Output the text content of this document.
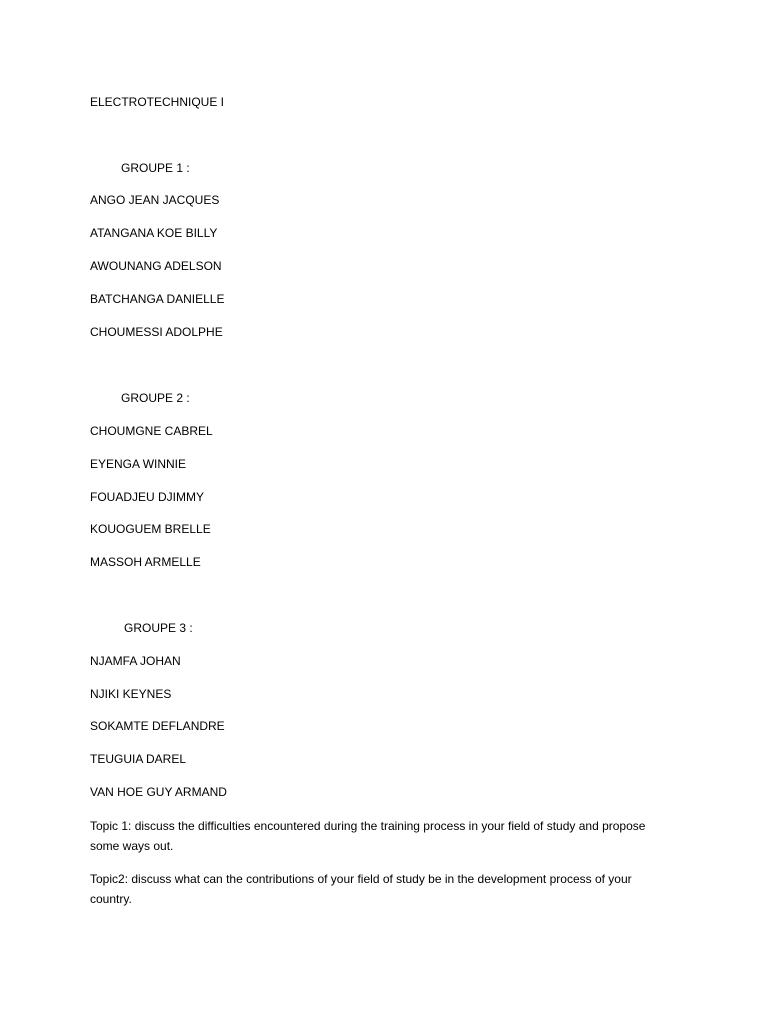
ELECTROTECHNIQUE I
GROUPE 1 :
ANGO JEAN JACQUES
ATANGANA KOE BILLY
AWOUNANG ADELSON
BATCHANGA DANIELLE
CHOUMESSI ADOLPHE
GROUPE 2 :
CHOUMGNE CABREL
EYENGA WINNIE
FOUADJEU DJIMMY
KOUOGUEM BRELLE
MASSOH ARMELLE
GROUPE 3 :
NJAMFA JOHAN
NJIKI KEYNES
SOKAMTE DEFLANDRE
TEUGUIA DAREL
VAN HOE GUY ARMAND
Topic 1: discuss the difficulties encountered during the training process in your field of study and propose some ways out.
Topic2: discuss what can the contributions of your field of study be in the development process of your country.
